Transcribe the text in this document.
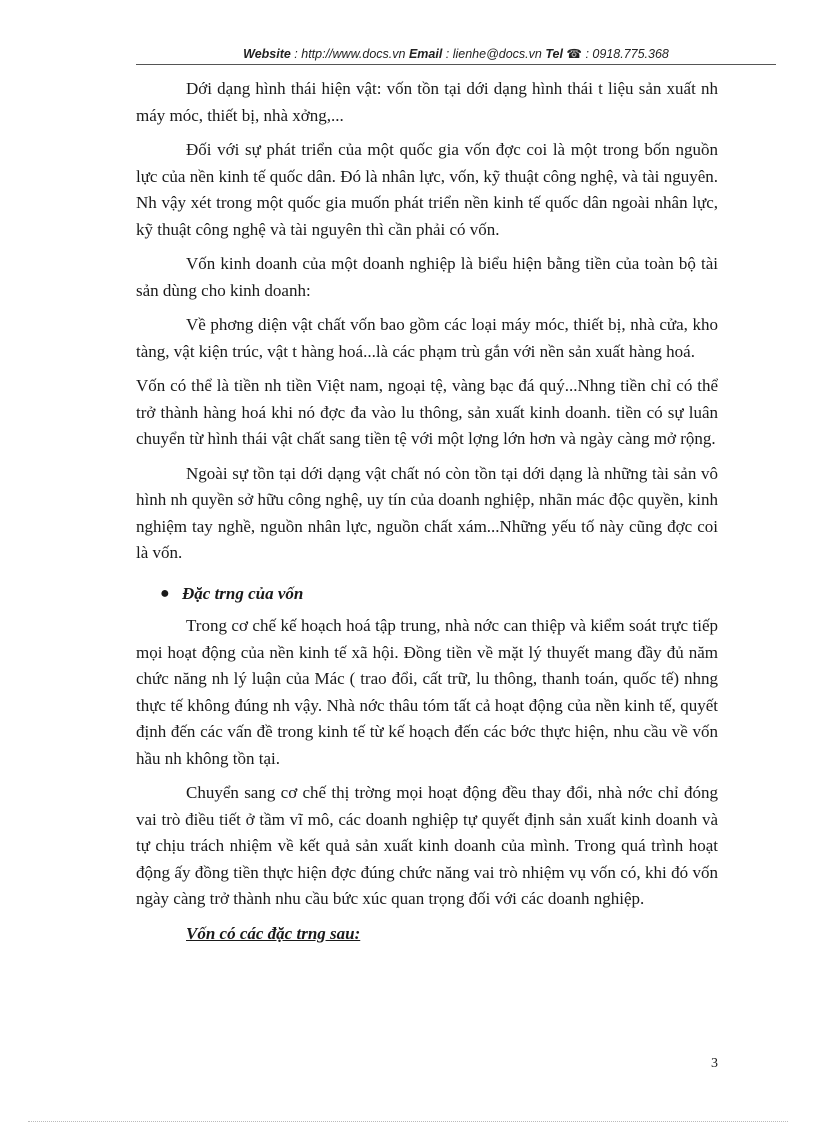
Website : http://www.docs.vn Email : lienhe@docs.vn Tel ☎ : 0918.775.368

Dới dạng hình thái hiện vật: vốn tồn tại dới dạng hình thái t liệu sản xuất nh máy móc, thiết bị, nhà xởng,...

Đối với sự phát triển của một quốc gia vốn đợc coi là một trong bốn nguồn lực của nền kinh tế quốc dân. Đó là nhân lực, vốn, kỹ thuật công nghệ, và tài nguyên. Nh vậy xét trong một quốc gia muốn phát triển nền kinh tế quốc dân ngoài nhân lực, kỹ thuật công nghệ và tài nguyên thì cần phải có vốn.

Vốn kinh doanh của một doanh nghiệp là biểu hiện bằng tiền của toàn bộ tài sản dùng cho kinh doanh:

Về phơng diện vật chất vốn bao gồm các loại máy móc, thiết bị, nhà cửa, kho tàng, vật kiện trúc, vật t hàng hoá...là các phạm trù gắn với nền sản xuất hàng hoá.

Vốn có thể là tiền nh tiền Việt nam, ngoại tệ, vàng bạc đá quý...Nhng tiền chỉ có thể trở thành hàng hoá khi nó đợc đa vào lu thông, sản xuất kinh doanh. tiền có sự luân chuyển từ hình thái vật chất sang tiền tệ với một lợng lớn hơn và ngày càng mở rộng.

Ngoài sự tồn tại dới dạng vật chất nó còn tồn tại dới dạng là những tài sản vô hình nh quyền sở hữu công nghệ, uy tín của doanh nghiệp, nhãn mác độc quyền, kinh nghiệm tay nghề, nguồn nhân lực, nguồn chất xám...Những yếu tố này cũng đợc coi là vốn.

● Đặc trng của vốn

Trong cơ chế kế hoạch hoá tập trung, nhà nớc can thiệp và kiểm soát trực tiếp mọi hoạt động của nền kinh tế xã hội. Đồng tiền về mặt lý thuyết mang đầy đủ năm chức năng nh lý luận của Mác ( trao đổi, cất trữ, lu thông, thanh toán, quốc tế) nhng thực tế không đúng nh vậy. Nhà nớc thâu tóm tất cả hoạt động của nền kinh tế, quyết định đến các vấn đề trong kinh tế từ kế hoạch đến các bớc thực hiện, nhu cầu về vốn hầu nh không tồn tại.

Chuyển sang cơ chế thị trờng mọi hoạt động đều thay đổi, nhà nớc chỉ đóng vai trò điều tiết ở tầm vĩ mô, các doanh nghiệp tự quyết định sản xuất kinh doanh và tự chịu trách nhiệm về kết quả sản xuất kinh doanh của mình. Trong quá trình hoạt động ấy đồng tiền thực hiện đợc đúng chức năng vai trò nhiệm vụ vốn có, khi đó vốn ngày càng trở thành nhu cầu bức xúc quan trọng đối với các doanh nghiệp.

Vốn có các đặc trng sau:
3
